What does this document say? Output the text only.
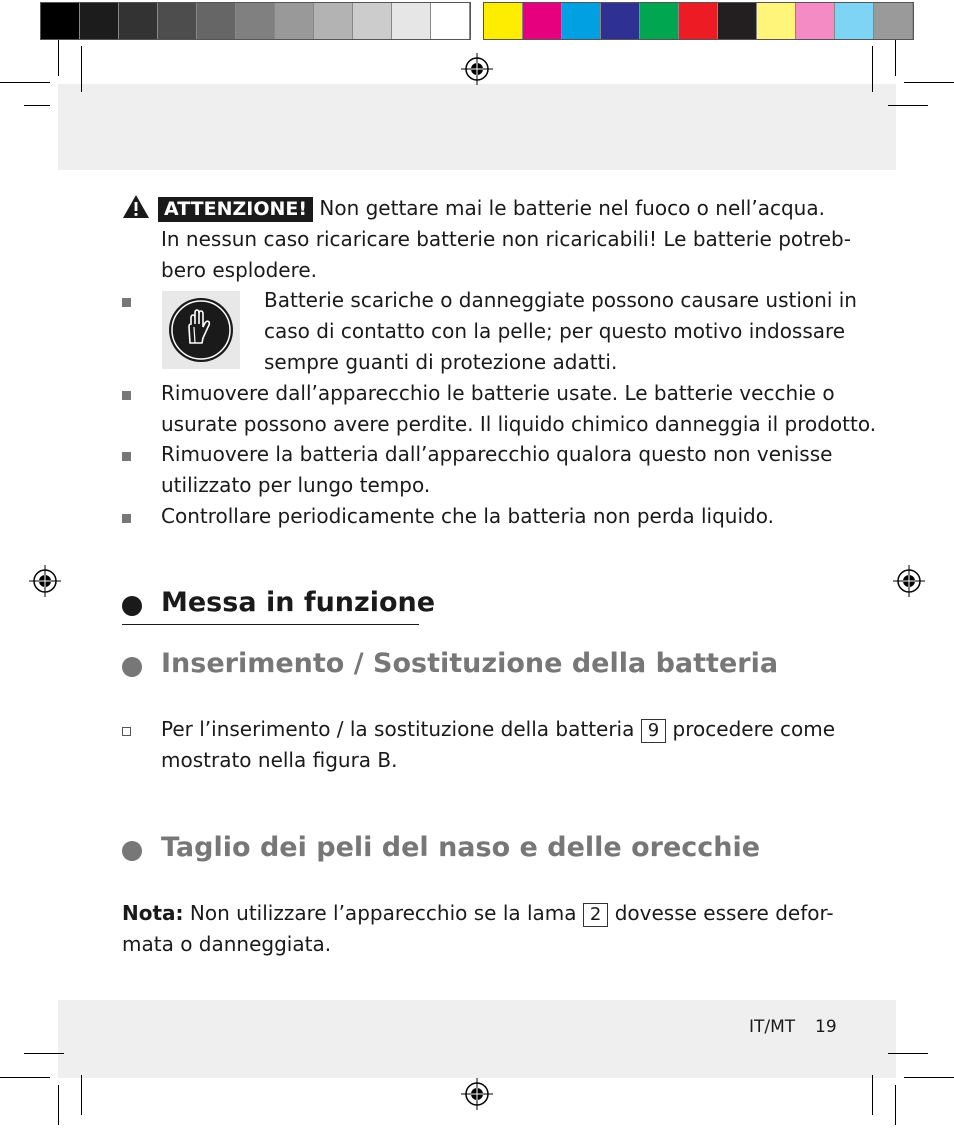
ATTENZIONE! Non gettare mai le batterie nel fuoco o nell’acqua.
In nessun caso ricaricare batterie non ricaricabili! Le batterie potreb-
bero esplodere.
Batterie scariche o danneggiate possono causare ustioni in
caso di contatto con la pelle; per questo motivo indossare
sempre guanti di protezione adatti.
Rimuovere dall’apparecchio le batterie usate. Le batterie vecchie o
usurate possono avere perdite. Il liquido chimico danneggia il prodotto.
Rimuovere la batteria dall’apparecchio qualora questo non venisse
utilizzato per lungo tempo.
Controllare periodicamente che la batteria non perda liquido.
Messa in funzione
Inserimento / Sostituzione della batteria
Per l’inserimento / la sostituzione della batteria 9 procedere come
mostrato nella figura B.
Taglio dei peli del naso e delle orecchie
Nota: Non utilizzare l’apparecchio se la lama 2 dovesse essere defor-
mata o danneggiata.
IT/MT 19
